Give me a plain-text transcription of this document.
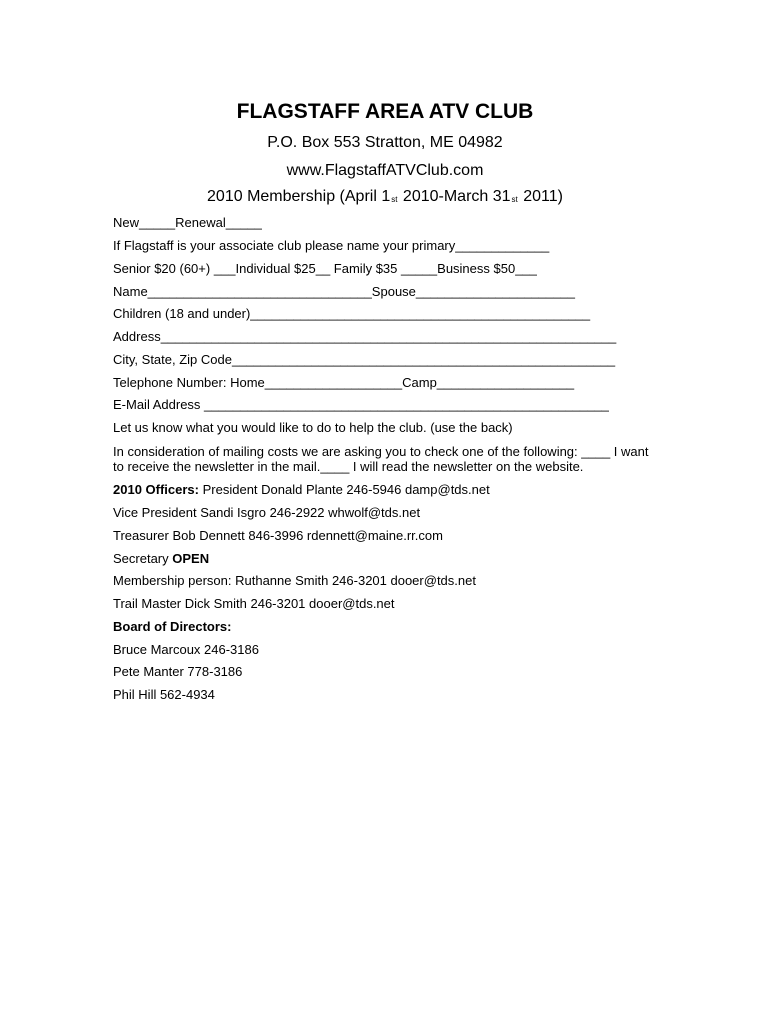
FLAGSTAFF AREA ATV CLUB
P.O. Box 553 Stratton, ME 04982
www.FlagstaffATVClub.com
2010 Membership (April 1st 2010-March 31st 2011)
New_____Renewal_____
If Flagstaff is your associate club please name your primary_____________
Senior $20 (60+) ___Individual $25__ Family $35 _____Business $50___
Name_______________________________Spouse______________________
Children (18 and under)_______________________________________________
Address_______________________________________________________________
City, State, Zip Code_____________________________________________________
Telephone Number: Home___________________Camp___________________
E-Mail Address ________________________________________________________
Let us know what you would like to do to help the club. (use the back)
In consideration of mailing costs we are asking you to check one of the following: ____ I want to receive the newsletter in the mail.____ I will read the newsletter on the website.
2010 Officers: President Donald Plante 246-5946 damp@tds.net
Vice President Sandi Isgro 246-2922 whwolf@tds.net
Treasurer Bob Dennett 846-3996 rdennett@maine.rr.com
Secretary OPEN
Membership person: Ruthanne Smith 246-3201 dooer@tds.net
Trail Master Dick Smith 246-3201 dooer@tds.net
Board of Directors:
Bruce Marcoux 246-3186
Pete Manter 778-3186
Phil Hill 562-4934
